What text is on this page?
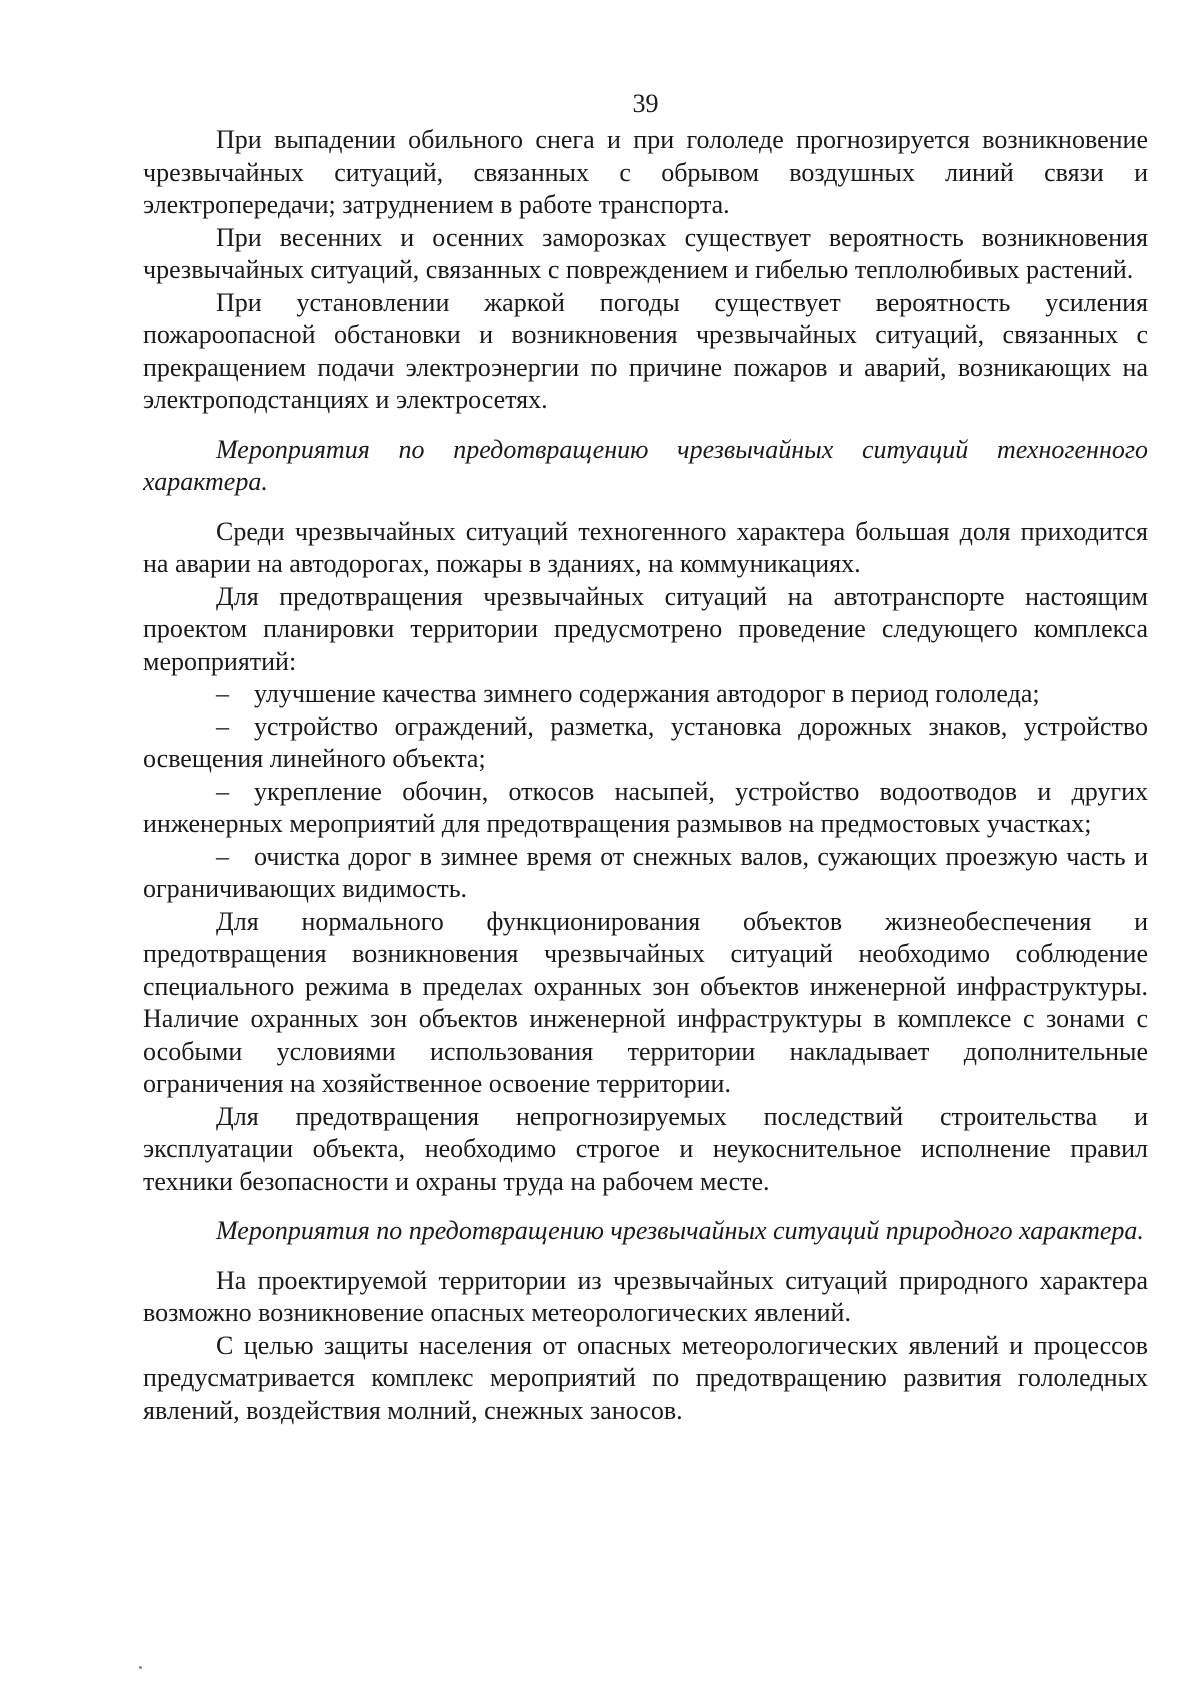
39

При выпадении обильного снега и при гололеде прогнозируется возникновение чрезвычайных ситуаций, связанных с обрывом воздушных линий связи и электропередачи; затруднением в работе транспорта.

При весенних и осенних заморозках существует вероятность возникновения чрезвычайных ситуаций, связанных с повреждением и гибелью теплолюбивых растений.

При установлении жаркой погоды существует вероятность усиления пожароопасной обстановки и возникновения чрезвычайных ситуаций, связанных с прекращением подачи электроэнергии по причине пожаров и аварий, возникающих на электроподстанциях и электросетях.

Мероприятия по предотвращению чрезвычайных ситуаций техногенного характера.

Среди чрезвычайных ситуаций техногенного характера большая доля приходится на аварии на автодорогах, пожары в зданиях, на коммуникациях.

Для предотвращения чрезвычайных ситуаций на автотранспорте настоящим проектом планировки территории предусмотрено проведение следующего комплекса мероприятий:

– улучшение качества зимнего содержания автодорог в период гололеда;

– устройство ограждений, разметка, установка дорожных знаков, устройство освещения линейного объекта;

– укрепление обочин, откосов насыпей, устройство водоотводов и других инженерных мероприятий для предотвращения размывов на предмостовых участках;

– очистка дорог в зимнее время от снежных валов, сужающих проезжую часть и ограничивающих видимость.

Для нормального функционирования объектов жизнеобеспечения и предотвращения возникновения чрезвычайных ситуаций необходимо соблюдение специального режима в пределах охранных зон объектов инженерной инфраструктуры. Наличие охранных зон объектов инженерной инфраструктуры в комплексе с зонами с особыми условиями использования территории накладывает дополнительные ограничения на хозяйственное освоение территории.

Для предотвращения непрогнозируемых последствий строительства и эксплуатации объекта, необходимо строгое и неукоснительное исполнение правил техники безопасности и охраны труда на рабочем месте.

Мероприятия по предотвращению чрезвычайных ситуаций природного характера.

На проектируемой территории из чрезвычайных ситуаций природного характера возможно возникновение опасных метеорологических явлений.

С целью защиты населения от опасных метеорологических явлений и процессов предусматривается комплекс мероприятий по предотвращению развития гололедных явлений, воздействия молний, снежных заносов.
